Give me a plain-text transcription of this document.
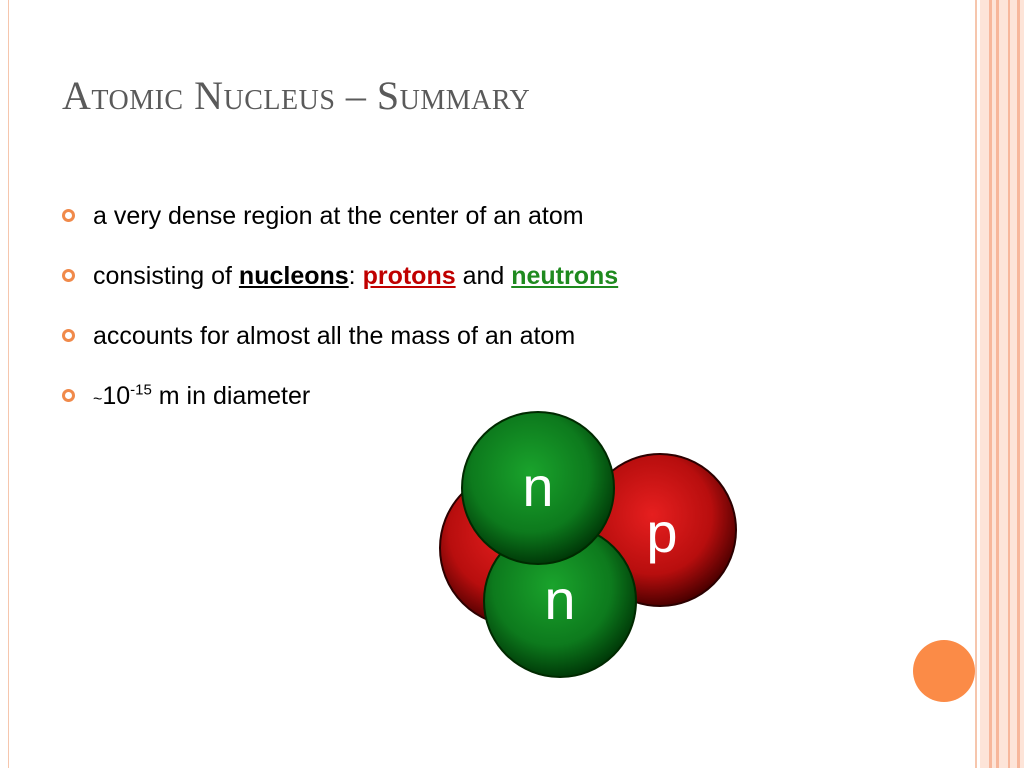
Atomic Nucleus – Summary
a very dense region at the center of an atom
consisting of nucleons: protons and neutrons
accounts for almost all the mass of an atom
$\sim 10^{-15}$ m in diameter
p
n
n
